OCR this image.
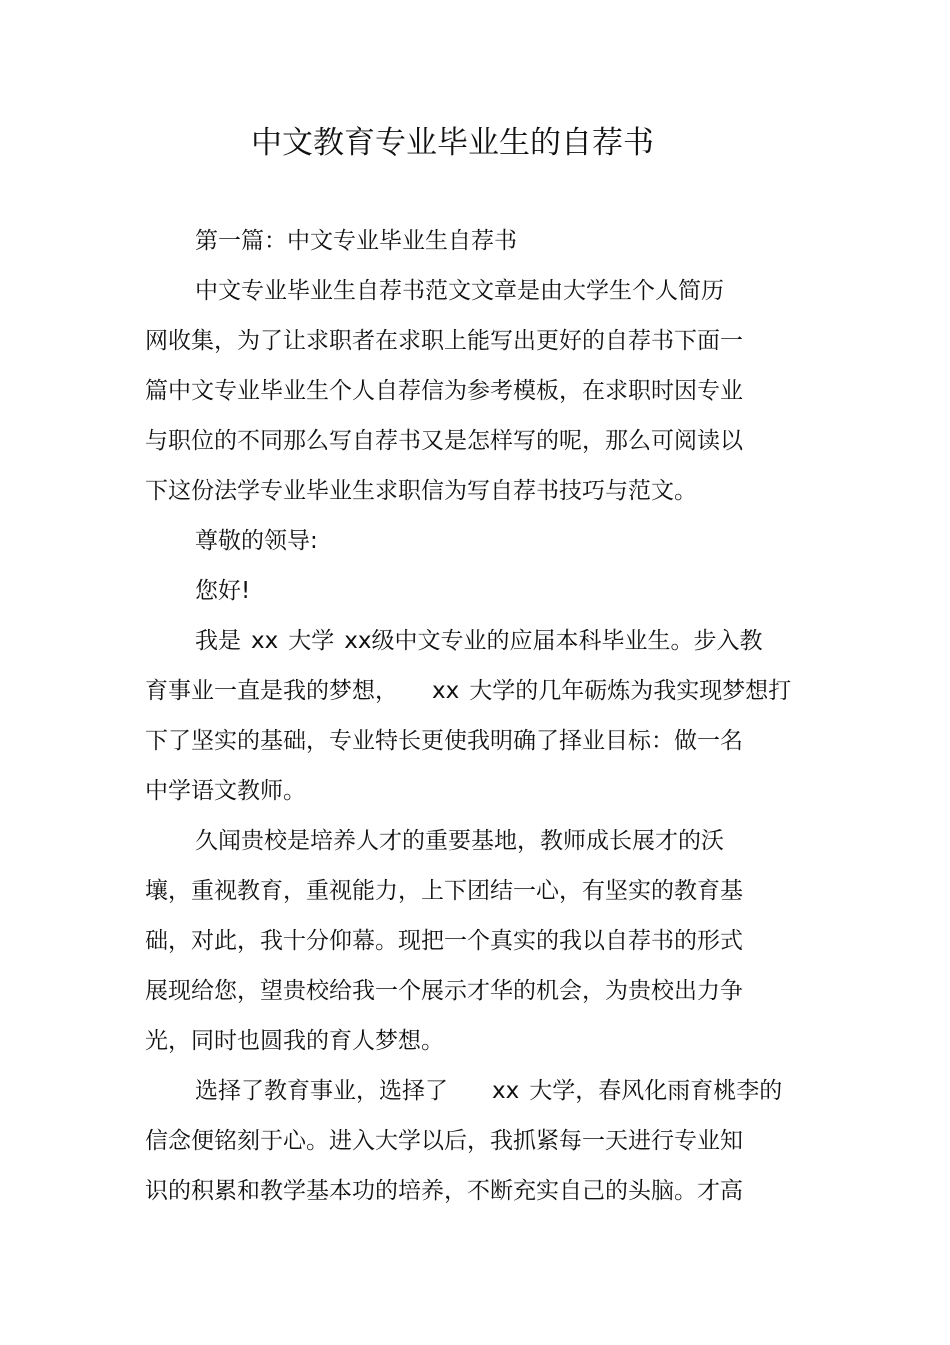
中文教育专业毕业生的自荐书

第一篇：中文专业毕业生自荐书

中文专业毕业生自荐书范文文章是由大学生个人简历

网收集，为了让求职者在求职上能写出更好的自荐书下面一

篇中文专业毕业生个人自荐信为参考模板，在求职时因专业

与职位的不同那么写自荐书又是怎样写的呢，那么可阅读以

下这份法学专业毕业生求职信为写自荐书技巧与范文。

尊敬的领导:

您好!

我是 xx 大学 xx级中文专业的应届本科毕业生。步入教

育事业一直是我的梦想， xx 大学的几年砺炼为我实现梦想打

下了坚实的基础，专业特长更使我明确了择业目标：做一名

中学语文教师。

久闻贵校是培养人才的重要基地，教师成长展才的沃

壤，重视教育，重视能力，上下团结一心，有坚实的教育基

础，对此，我十分仰幕。现把一个真实的我以自荐书的形式

展现给您，望贵校给我一个展示才华的机会，为贵校出力争

光，同时也圆我的育人梦想。

选择了教育事业，选择了 xx 大学，春风化雨育桃李的

信念便铭刻于心。进入大学以后，我抓紧每一天进行专业知

识的积累和教学基本功的培养，不断充实自己的头脑。才高
